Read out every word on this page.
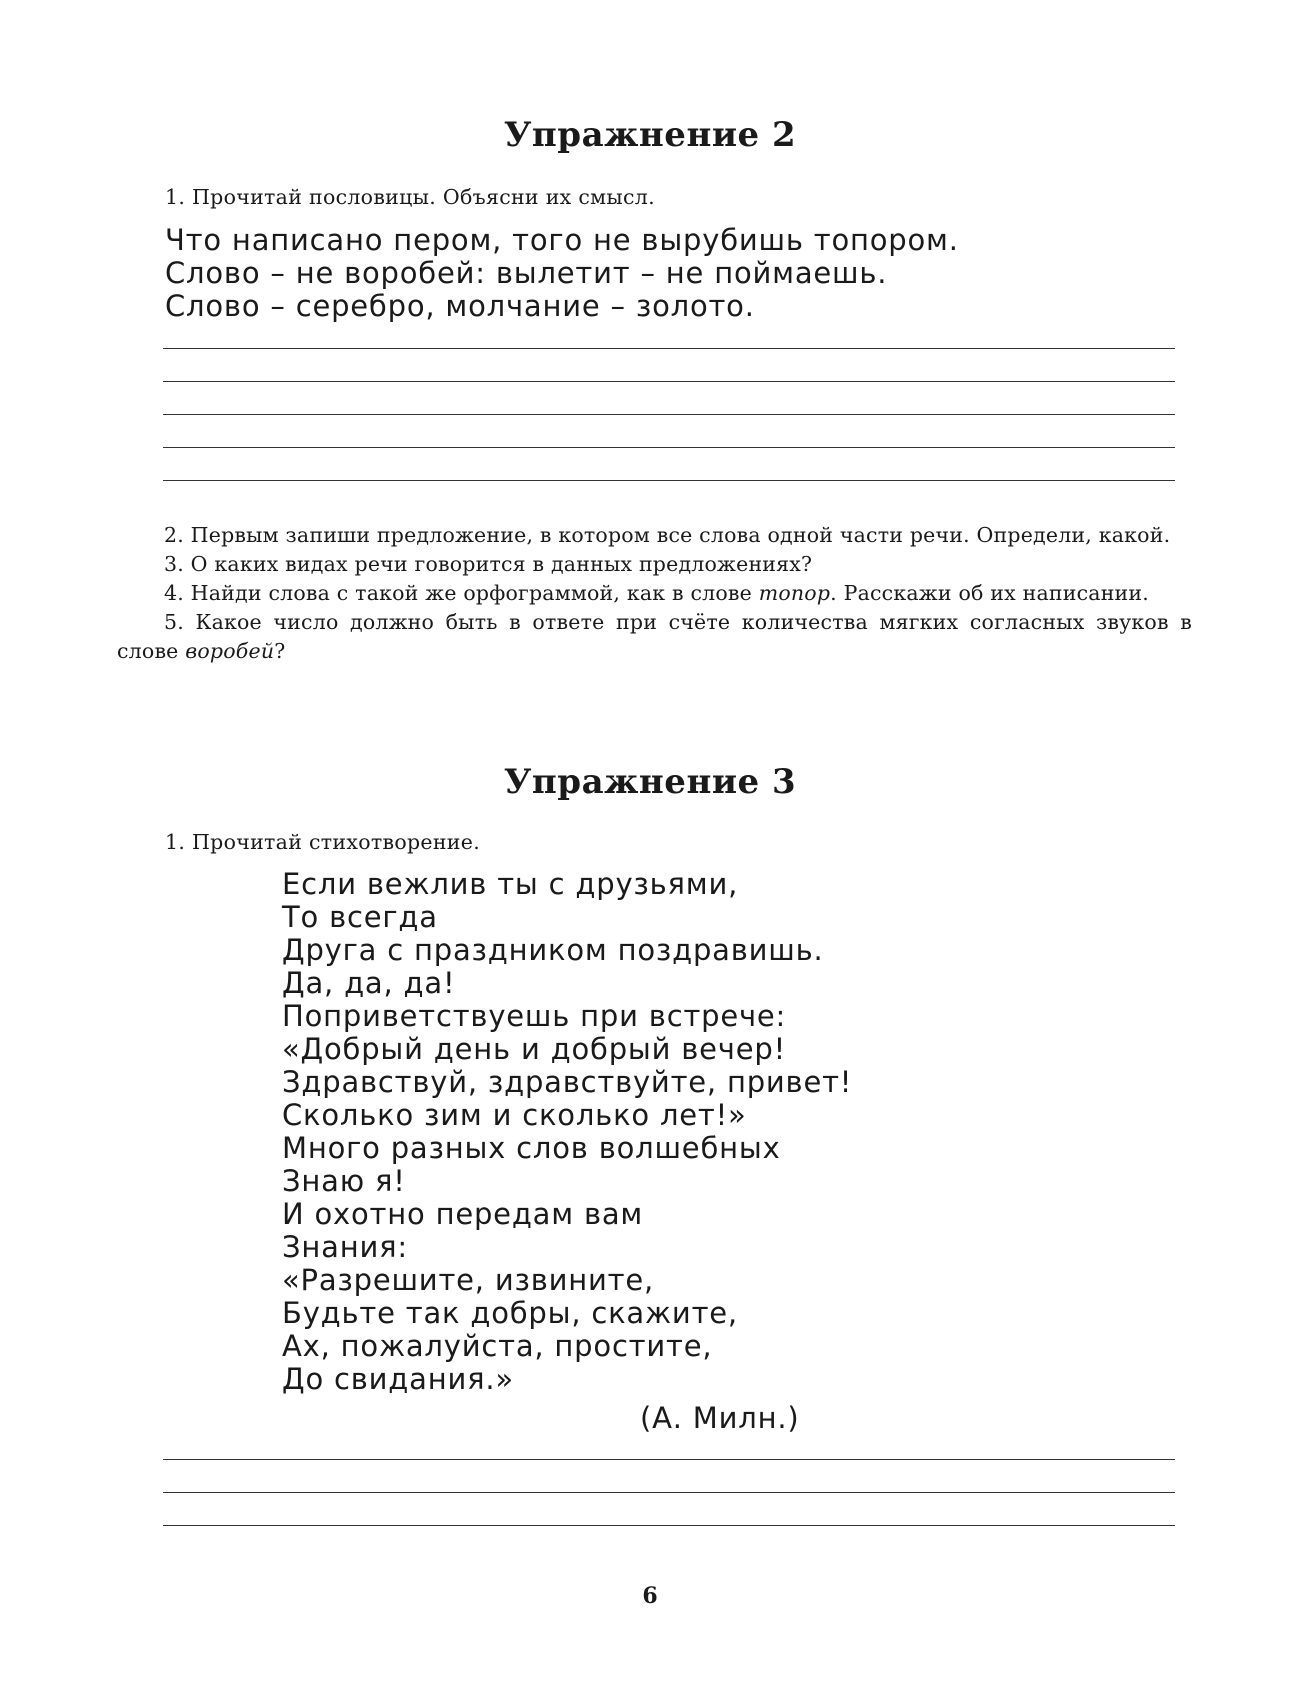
Упражнение 2

1. Прочитай пословицы. Объясни их смысл.

Что написано пером, того не вырубишь топором.
Слово – не воробей: вылетит – не поймаешь.
Слово – серебро, молчание – золото.

2. Первым запиши предложение, в котором все слова одной части речи. Определи, какой.

3. О каких видах речи говорится в данных предложениях?

4. Найди слова с такой же орфограммой, как в слове топор. Расскажи об их написании.

5. Какое число должно быть в ответе при счёте количества мягких согласных звуков в слове воробей?

Упражнение 3

1. Прочитай стихотворение.

Если вежлив ты с друзьями,
То всегда
Друга с праздником поздравишь.
Да, да, да!
Поприветствуешь при встрече:
«Добрый день и добрый вечер!
Здравствуй, здравствуйте, привет!
Сколько зим и сколько лет!»
Много разных слов волшебных
Знаю я!
И охотно передам вам
Знания:
«Разрешите, извините,
Будьте так добры, скажите,
Ах, пожалуйста, простите,
До свидания.»
(А. Милн.)
6
